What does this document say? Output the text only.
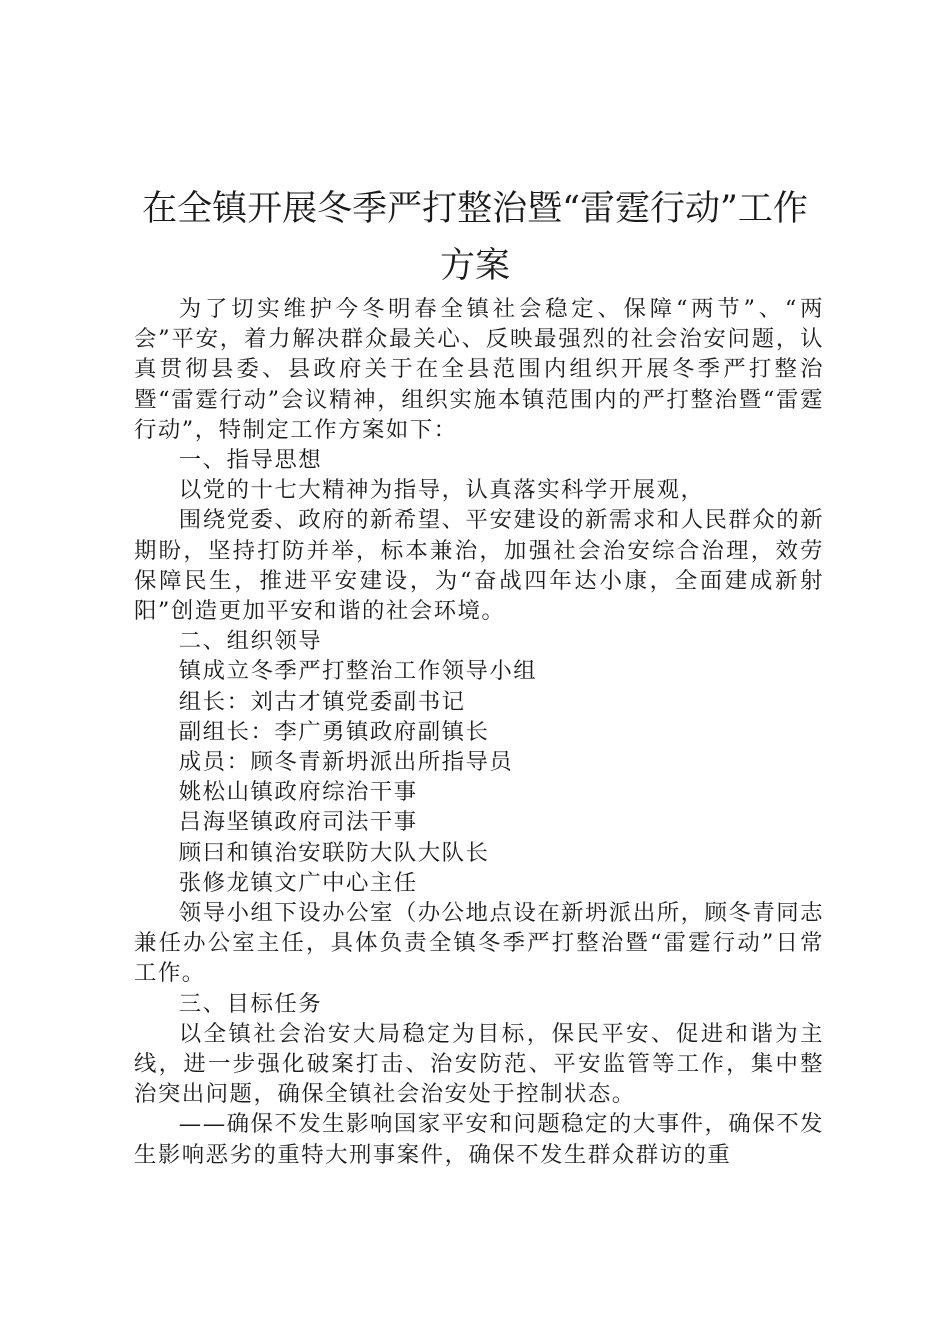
在全镇开展冬季严打整治暨“雷霆行动”工作
方案

为了切实维护今冬明春全镇社会稳定、保障“两节”、“两会”平安，着力解决群众最关心、反映最强烈的社会治安问题，认真贯彻县委、县政府关于在全县范围内组织开展冬季严打整治暨“雷霆行动”会议精神，组织实施本镇范围内的严打整治暨“雷霆行动”，特制定工作方案如下：

一、指导思想

以党的十七大精神为指导，认真落实科学开展观，

围绕党委、政府的新希望、平安建设的新需求和人民群众的新期盼，坚持打防并举，标本兼治，加强社会治安综合治理，效劳保障民生，推进平安建设，为“奋战四年达小康，全面建成新射阳”创造更加平安和谐的社会环境。

二、组织领导

镇成立冬季严打整治工作领导小组

组长：刘古才镇党委副书记

副组长：李广勇镇政府副镇长

成员：顾冬青新坍派出所指导员

姚松山镇政府综治干事

吕海坚镇政府司法干事

顾曰和镇治安联防大队大队长

张修龙镇文广中心主任

领导小组下设办公室（办公地点设在新坍派出所，顾冬青同志兼任办公室主任，具体负责全镇冬季严打整治暨“雷霆行动”日常工作。

三、目标任务

以全镇社会治安大局稳定为目标，保民平安、促进和谐为主线，进一步强化破案打击、治安防范、平安监管等工作，集中整治突出问题，确保全镇社会治安处于控制状态。

——确保不发生影响国家平安和问题稳定的大事件，确保不发生影响恶劣的重特大刑事案件，确保不发生群众群访的重
